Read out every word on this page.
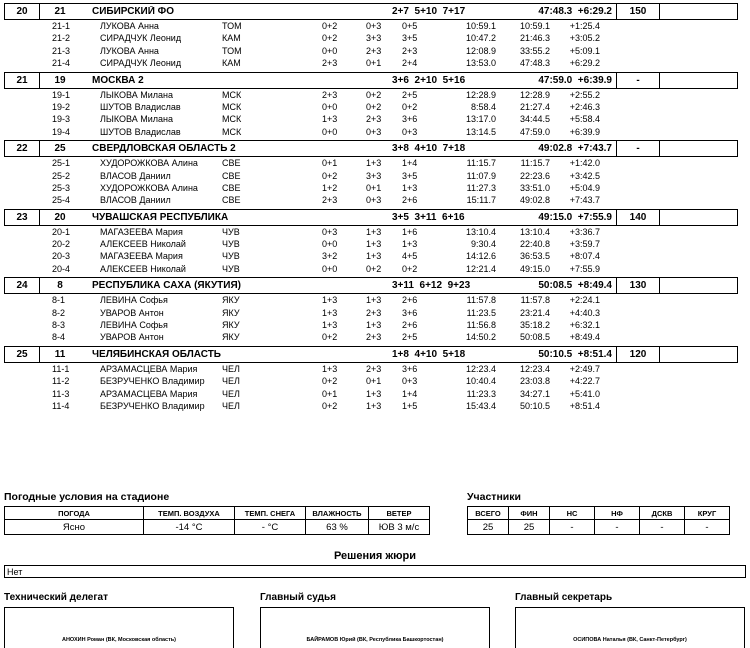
20	21	СИБИРСКИЙ ФО	2+7  5+10  7+17	47:48.3  +6:29.2	150
21-1	ЛУКОВА Анна	ТОМ	0+2	0+3	0+5	10:59.1	10:59.1	+1:25.4
21-2	СИРАДЧУК Леонид	КАМ	0+2	3+3	3+5	10:47.2	21:46.3	+3:05.2
21-3	ЛУКОВА Анна	ТОМ	0+0	2+3	2+3	12:08.9	33:55.2	+5:09.1
21-4	СИРАДЧУК Леонид	КАМ	2+3	0+1	2+4	13:53.0	47:48.3	+6:29.2
21	19	МОСКВА 2	3+6  2+10  5+16	47:59.0  +6:39.9	-
19-1	ЛЫКОВА Милана	МСК	2+3	0+2	2+5	12:28.9	12:28.9	+2:55.2
19-2	ШУТОВ Владислав	МСК	0+0	0+2	0+2	8:58.4	21:27.4	+2:46.3
19-3	ЛЫКОВА Милана	МСК	1+3	2+3	3+6	13:17.0	34:44.5	+5:58.4
19-4	ШУТОВ Владислав	МСК	0+0	0+3	0+3	13:14.5	47:59.0	+6:39.9
22	25	СВЕРДЛОВСКАЯ ОБЛАСТЬ 2	3+8  4+10  7+18	49:02.8  +7:43.7	-
25-1	ХУДОРОЖКОВА Алина	СВЕ	0+1	1+3	1+4	11:15.7	11:15.7	+1:42.0
25-2	ВЛАСОВ Даниил	СВЕ	0+2	3+3	3+5	11:07.9	22:23.6	+3:42.5
25-3	ХУДОРОЖКОВА Алина	СВЕ	1+2	0+1	1+3	11:27.3	33:51.0	+5:04.9
25-4	ВЛАСОВ Даниил	СВЕ	2+3	0+3	2+6	15:11.7	49:02.8	+7:43.7
23	20	ЧУВАШСКАЯ РЕСПУБЛИКА	3+5  3+11  6+16	49:15.0  +7:55.9	140
20-1	МАГАЗЕЕВА Мария	ЧУВ	0+3	1+3	1+6	13:10.4	13:10.4	+3:36.7
20-2	АЛЕКСЕЕВ Николай	ЧУВ	0+0	1+3	1+3	9:30.4	22:40.8	+3:59.7
20-3	МАГАЗЕЕВА Мария	ЧУВ	3+2	1+3	4+5	14:12.6	36:53.5	+8:07.4
20-4	АЛЕКСЕЕВ Николай	ЧУВ	0+0	0+2	0+2	12:21.4	49:15.0	+7:55.9
24	8	РЕСПУБЛИКА САХА (ЯКУТИЯ)	3+11  6+12  9+23	50:08.5  +8:49.4	130
8-1	ЛЕВИНА Софья	ЯКУ	1+3	1+3	2+6	11:57.8	11:57.8	+2:24.1
8-2	УВАРОВ Антон	ЯКУ	1+3	2+3	3+6	11:23.5	23:21.4	+4:40.3
8-3	ЛЕВИНА Софья	ЯКУ	1+3	1+3	2+6	11:56.8	35:18.2	+6:32.1
8-4	УВАРОВ Антон	ЯКУ	0+2	2+3	2+5	14:50.2	50:08.5	+8:49.4
25	11	ЧЕЛЯБИНСКАЯ ОБЛАСТЬ	1+8  4+10  5+18	50:10.5  +8:51.4	120
11-1	АРЗАМАСЦЕВА Мария	ЧЕЛ	1+3	2+3	3+6	12:23.4	12:23.4	+2:49.7
11-2	БЕЗРУЧЕНКО Владимир	ЧЕЛ	0+2	0+1	0+3	10:40.4	23:03.8	+4:22.7
11-3	АРЗАМАСЦЕВА Мария	ЧЕЛ	0+1	1+3	1+4	11:23.3	34:27.1	+5:41.0
11-4	БЕЗРУЧЕНКО Владимир	ЧЕЛ	0+2	1+3	1+5	15:43.4	50:10.5	+8:51.4
Погодные условия на стадионе
ПОГОДА	ТЕМП. ВОЗДУХА	ТЕМП. СНЕГА	ВЛАЖНОСТЬ	ВЕТЕР
Ясно	-14 °C	- °C	63 %	ЮВ 3 м/с
Участники
ВСЕГО	ФИН	НС	НФ	ДСКВ	КРУГ
25	25	-	-	-	-
Решения жюри
Нет
Технический делегат
АНОХИН Роман (ВК, Московская область)
Главный судья
БАЙРАМОВ Юрий (ВК, Республика Башкортостан)
Главный секретарь
ОСИПОВА Наталья (ВК, Санкт-Петербург)
